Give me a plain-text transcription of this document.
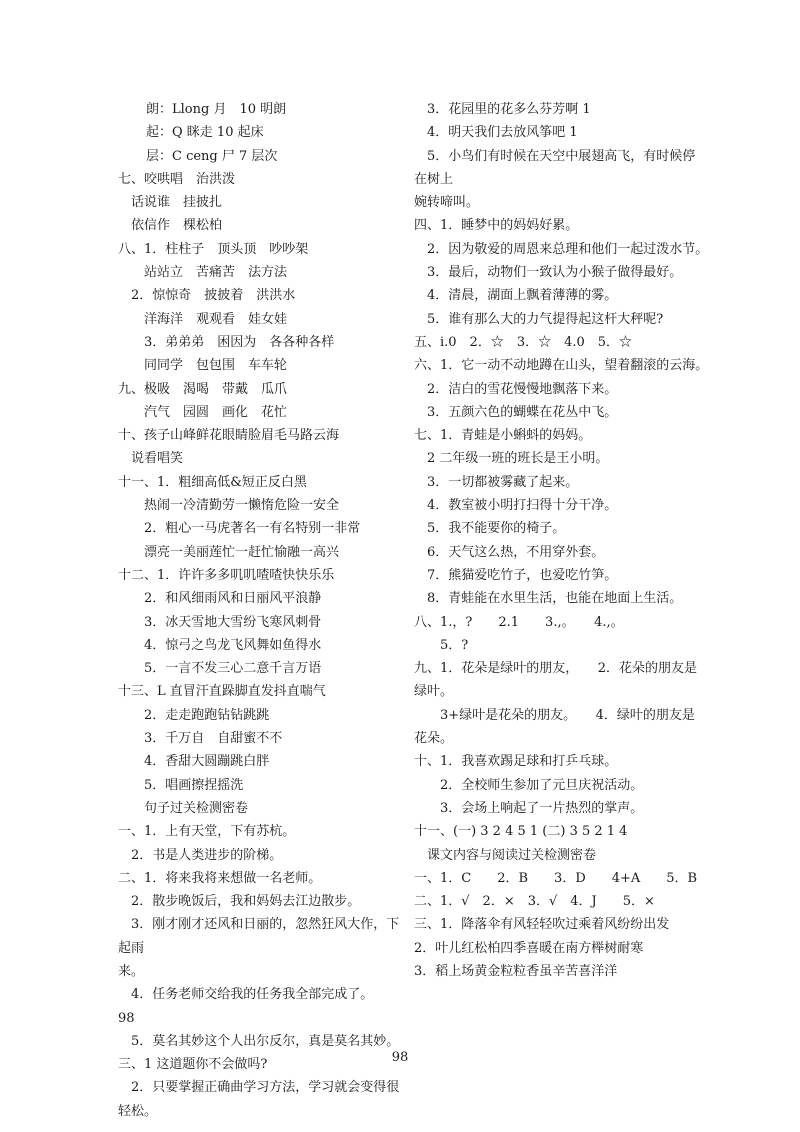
朗：Llong 月　10 明朗
起：Q 眯走 10 起床
层：C ceng 尸 7 层次
七、咬哄唱　治洪泼
话说谁　挂披扎
依信作　棵松柏
八、1．柱柱子　顶头顶　吵吵架
站站立　苦痛苦　法方法
2．惊惊奇　披披着　洪洪水
洋海洋　观观看　娃女娃
3．弟弟弟　困因为　各各种各样
同同学　包包围　车车轮
九、极吸　渴喝　带戴　瓜爪
汽气　园圆　画化　花忙
十、孩子山峰鲜花眼睛脸眉毛马路云海
说看唱笑
十一、1．粗细高低&短正反白黑
热闹一冷清勤劳一懒惰危险一安全
2．粗心一马虎著名一有名特别一非常
漂亮一美丽莲忙一赶忙愉融一高兴
十二、1．许许多多叽叽喳喳快快乐乐
2．和风细雨风和日丽风平浪静
3．冰天雪地大雪纷飞寒风刺骨
4．惊弓之鸟龙飞风舞如鱼得水
5．一言不发三心二意千言万语
十三、L 直冒汗直跺脚直发抖直喘气
2．走走跑跑钻钻跳跳
3．千万自　自甜蜜不不
4．香甜大圆蹦跳白胖
5．唱画擦捏摇洗
句子过关检测密卷
一、1．上有天堂，下有苏杭。
2．书是人类进步的阶梯。
二、1．将来我将来想做一名老师。
2．散步晚饭后，我和妈妈去江边散步。
3．刚才刚才还风和日丽的，忽然狂风大作，下
起雨
来。
4．任务老师交给我的任务我全部完成了。
98
5．莫名其妙这个人出尔反尔，真是莫名其妙。
三、1 这道题你不会做吗?
2．只要掌握正确曲学习方法，学习就会变得很
轻松。
3．花园里的花多么芬芳啊 1
4．明天我们去放风筝吧 1
5．小鸟们有时候在天空中展翅高飞，有时候停
在树上
婉转啼叫。
四、1．睡梦中的妈妈好累。
2．因为敬爱的周恩来总理和他们一起过泼水节。
3．最后，动物们一致认为小猴子做得最好。
4．清晨，湖面上飘着薄薄的雾。
5．谁有那么大的力气提得起这杆大秤呢?
五、i.0　2．☆　3．☆　4.0　5．☆
六、1．它一动不动地蹲在山头，望着翻滚的云海。
2．洁白的雪花慢慢地飘落下来。
3．五颜六色的蝴蝶在花丛中飞。
七、1．青蛙是小蝌蚪的妈妈。
2 二年级一班的班长是王小明。
3．一切都被雾藏了起来。
4．教室被小明打扫得十分干净。
5．我不能要你的椅子。
6．天气这么热，不用穿外套。
7．熊猫爱吃竹子，也爱吃竹笋。
8．青蛙能在水里生活，也能在地面上生活。
八、1.，?　　2.1　　3.,。　　4.,。
5．?
九、1．花朵是绿叶的朋友，　　2．花朵的朋友是
绿叶。
3+绿叶是花朵的朋友。　　4．绿叶的朋友是
花朵。
十、1．我喜欢踢足球和打乒乓球。
2．全校师生参加了元旦庆祝活动。
3．会场上响起了一片热烈的掌声。
十一、(一) 3 2 4 5 1 (二) 3 5 2 1 4
课文内容与阅读过关检测密卷
一、1．C　　2．B　　3．D　　4+A　　5．B
二、1．√　2．×　3．√　4．J　　5．×
三、1．降落伞有风轻轻吹过乘着风纷纷出发
2．叶儿红松柏四季喜暖在南方榉树耐寒
3．稻上场黄金粒粒香虽辛苦喜洋洋
98
